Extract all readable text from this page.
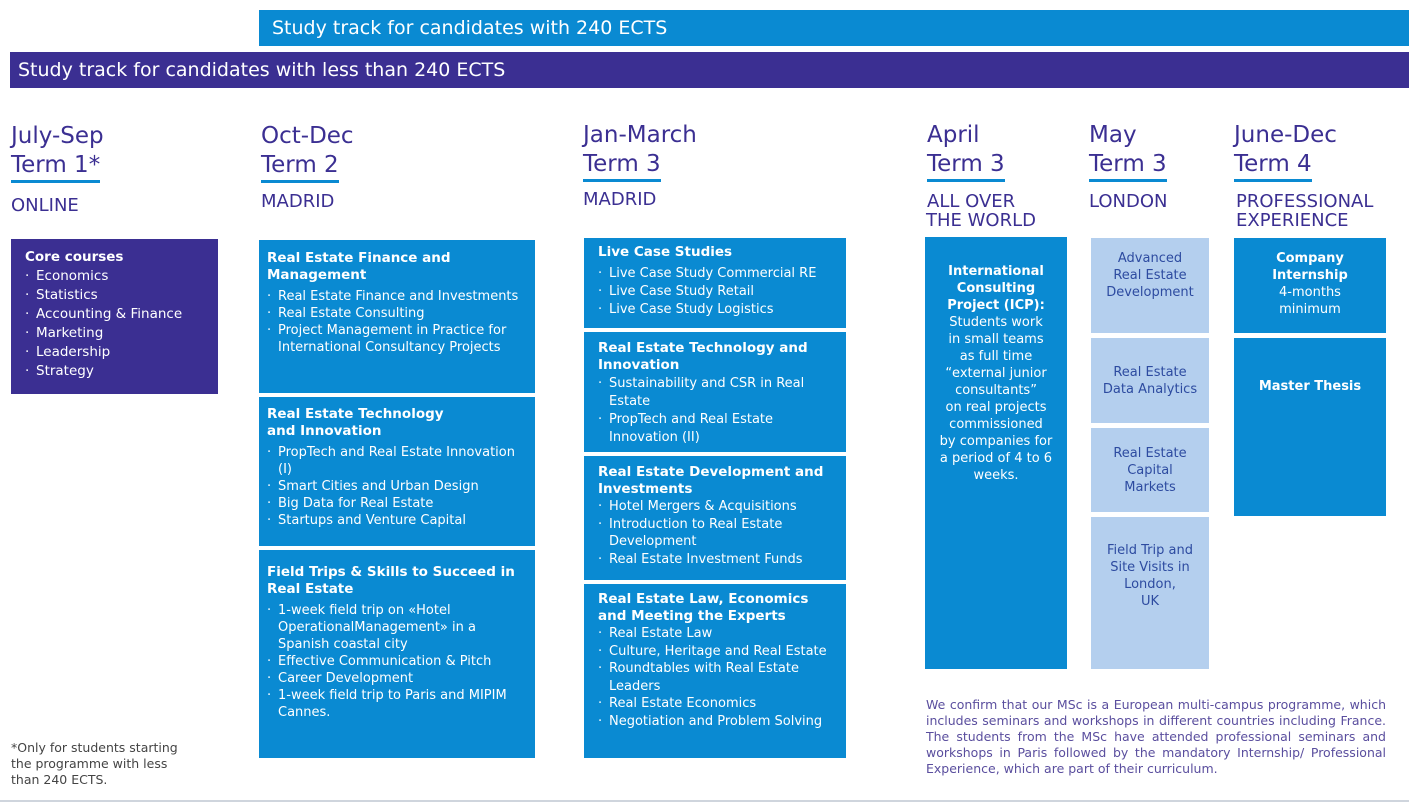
Study track for candidates with 240 ECTS
Study track for candidates with less than 240 ECTS
July-Sep
Term 1*
ONLINE
Oct-Dec
Term 2
MADRID
Jan-March
Term 3
MADRID
April
Term 3
ALL OVER
THE WORLD
May
Term 3
LONDON
June-Dec
Term 4
PROFESSIONAL
EXPERIENCE
Core courses
· Economics
· Statistics
· Accounting & Finance
· Marketing
· Leadership
· Strategy
Real Estate Finance and Management
· Real Estate Finance and Investments
· Real Estate Consulting
· Project Management in Practice for International Consultancy Projects
Real Estate Technology
and Innovation
· PropTech and Real Estate Innovation (I)
· Smart Cities and Urban Design
· Big Data for Real Estate
· Startups and Venture Capital
Field Trips & Skills to Succeed in Real Estate
· 1-week field trip on «Hotel OperationalManagement» in a Spanish coastal city
· Effective Communication & Pitch
· Career Development
· 1-week field trip to Paris and MIPIM Cannes.
Live Case Studies
· Live Case Study Commercial RE
· Live Case Study Retail
· Live Case Study Logistics
Real Estate Technology and Innovation
· Sustainability and CSR in Real Estate
· PropTech and Real Estate Innovation (II)
Real Estate Development and Investments
· Hotel Mergers & Acquisitions
· Introduction to Real Estate Development
· Real Estate Investment Funds
Real Estate Law, Economics and Meeting the Experts
· Real Estate Law
· Culture, Heritage and Real Estate
· Roundtables with Real Estate Leaders
· Real Estate Economics
· Negotiation and Problem Solving
International
Consulting
Project (ICP):
Students work
in small teams
as full time
“external junior
consultants”
on real projects
commissioned
by companies for
a period of 4 to 6
weeks.
Advanced
Real Estate
Development
Real Estate
Data Analytics
Real Estate
Capital
Markets
Field Trip and
Site Visits in
London,
UK
Company
Internship
4-months
minimum
Master Thesis
*Only for students starting
the programme with less
than 240 ECTS.
We confirm that our MSc is a European multi-campus programme, which includes seminars and workshops in different countries including France. The students from the MSc have attended professional seminars and workshops in Paris followed by the mandatory Internship/ Professional Experience, which are part of their curriculum.
